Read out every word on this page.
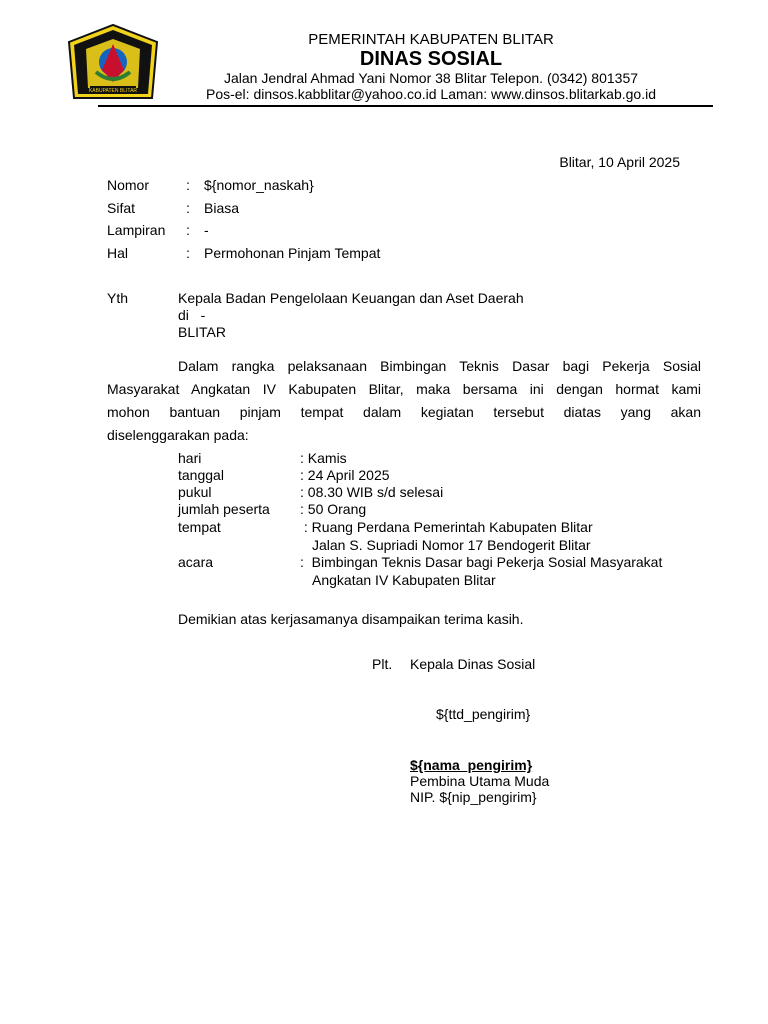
KABUPATEN BLITAR
PEMERINTAH KABUPATEN BLITAR
DINAS SOSIAL
Jalan Jendral Ahmad Yani Nomor 38 Blitar Telepon. (0342) 801357
Pos-el: dinsos.kabblitar@yahoo.co.id Laman: www.dinsos.blitarkab.go.id
Blitar, 10 April 2025
Nomor	: ${nomor_naskah}
Sifat	: Biasa
Lampiran : -
Hal	: Permohonan Pinjam Tempat
Yth	Kepala Badan Pengelolaan Keuangan dan Aset Daerah
di   -
BLITAR
Dalam rangka pelaksanaan Bimbingan Teknis Dasar bagi Pekerja Sosial
Masyarakat Angkatan IV Kabupaten Blitar, maka bersama ini dengan hormat kami
mohon bantuan pinjam tempat dalam kegiatan tersebut diatas yang akan
diselenggarakan pada:
hari	: Kamis
tanggal	: 24 April 2025
pukul	: 08.30 WIB s/d selesai
jumlah peserta : 50 Orang
tempat	: Ruang Perdana Pemerintah Kabupaten Blitar
Jalan S. Supriadi Nomor 17 Bendogerit Blitar
acara	:  Bimbingan Teknis Dasar bagi Pekerja Sosial Masyarakat
Angkatan IV Kabupaten Blitar
Demikian atas kerjasamanya disampaikan terima kasih.
Plt. Kepala Dinas Sosial
${ttd_pengirim}
${nama_pengirim}
Pembina Utama Muda
NIP. ${nip_pengirim}
